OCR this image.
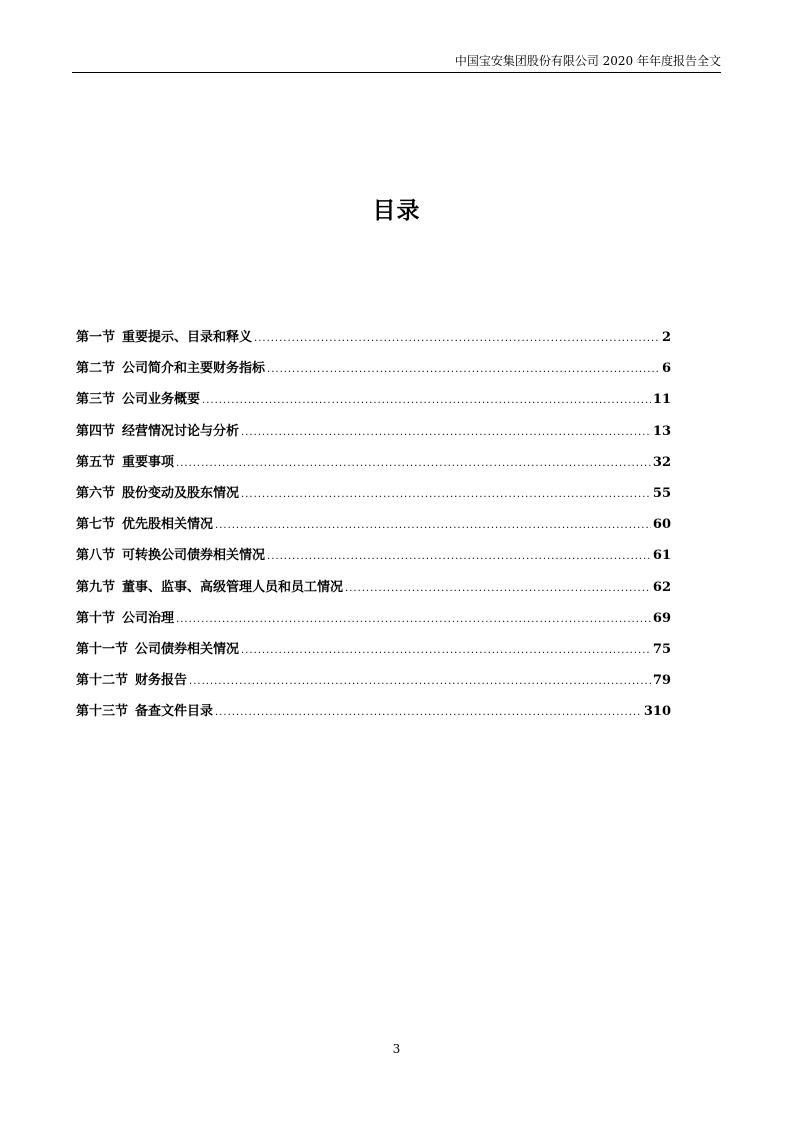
中国宝安集团股份有限公司 2020 年年度报告全文
目录
第一节 重要提示、目录和释义 .....	2
第二节 公司简介和主要财务指标 .....	6
第三节 公司业务概要 .....	11
第四节 经营情况讨论与分析 .....	13
第五节 重要事项 .....	32
第六节 股份变动及股东情况 .....	55
第七节 优先股相关情况 .....	60
第八节 可转换公司债券相关情况 .....	61
第九节 董事、监事、高级管理人员和员工情况 .....	62
第十节 公司治理 .....	69
第十一节 公司债券相关情况 .....	75
第十二节 财务报告 .....	79
第十三节 备查文件目录 .....	310
3
